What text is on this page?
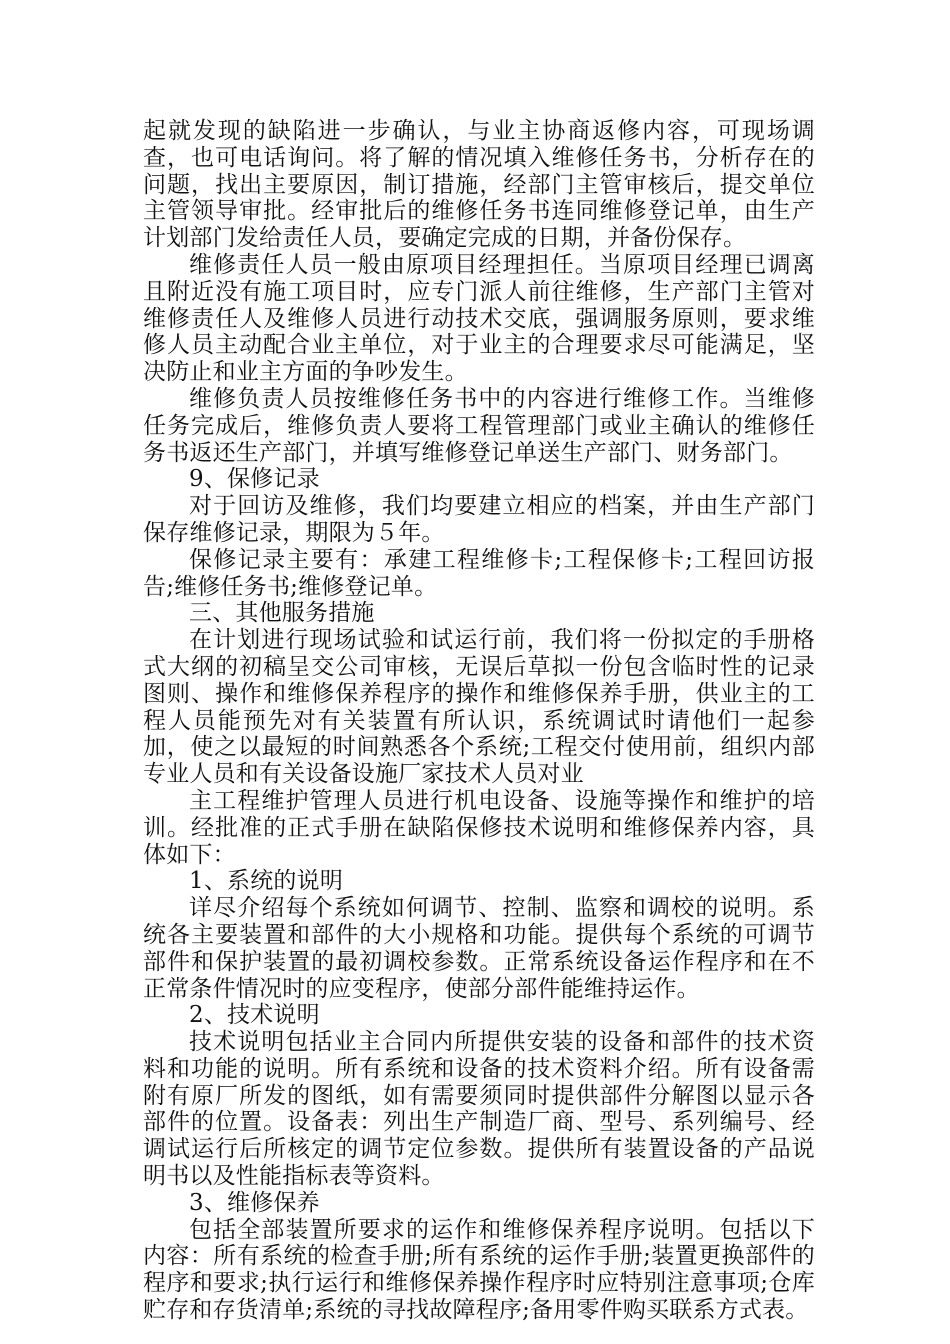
起就发现的缺陷进一步确认，与业主协商返修内容，可现场调查，也可电话询问。将了解的情况填入维修任务书，分析存在的问题，找出主要原因，制订措施，经部门主管审核后，提交单位主管领导审批。经审批后的维修任务书连同维修登记单，由生产计划部门发给责任人员，要确定完成的日期，并备份保存。

维修责任人员一般由原项目经理担任。当原项目经理已调离且附近没有施工项目时，应专门派人前往维修，生产部门主管对维修责任人及维修人员进行动技术交底，强调服务原则，要求维修人员主动配合业主单位，对于业主的合理要求尽可能满足，坚决防止和业主方面的争吵发生。

维修负责人员按维修任务书中的内容进行维修工作。当维修任务完成后，维修负责人要将工程管理部门或业主确认的维修任务书返还生产部门，并填写维修登记单送生产部门、财务部门。

9、保修记录

对于回访及维修，我们均要建立相应的档案，并由生产部门保存维修记录，期限为５年。

保修记录主要有：承建工程维修卡;工程保修卡;工程回访报告;维修任务书;维修登记单。

三、其他服务措施

在计划进行现场试验和试运行前，我们将一份拟定的手册格式大纲的初稿呈交公司审核，无误后草拟一份包含临时性的记录图则、操作和维修保养程序的操作和维修保养手册，供业主的工程人员能预先对有关装置有所认识，系统调试时请他们一起参加，使之以最短的时间熟悉各个系统;工程交付使用前，组织内部专业人员和有关设备设施厂家技术人员对业

主工程维护管理人员进行机电设备、设施等操作和维护的培训。经批准的正式手册在缺陷保修技术说明和维修保养内容，具体如下：

1、系统的说明

详尽介绍每个系统如何调节、控制、监察和调校的说明。系统各主要装置和部件的大小规格和功能。提供每个系统的可调节部件和保护装置的最初调校参数。正常系统设备运作程序和在不正常条件情况时的应变程序，使部分部件能维持运作。

2、技术说明

技术说明包括业主合同内所提供安装的设备和部件的技术资料和功能的说明。所有系统和设备的技术资料介绍。所有设备需附有原厂所发的图纸，如有需要须同时提供部件分解图以显示各部件的位置。设备表：列出生产制造厂商、型号、系列编号、经调试运行后所核定的调节定位参数。提供所有装置设备的产品说明书以及性能指标表等资料。

3、维修保养

包括全部装置所要求的运作和维修保养程序说明。包括以下内容：所有系统的检查手册;所有系统的运作手册;装置更换部件的程序和要求;执行运行和维修保养操作程序时应特别注意事项;仓库贮存和存货清单;系统的寻找故障程序;备用零件购买联系方式表。
